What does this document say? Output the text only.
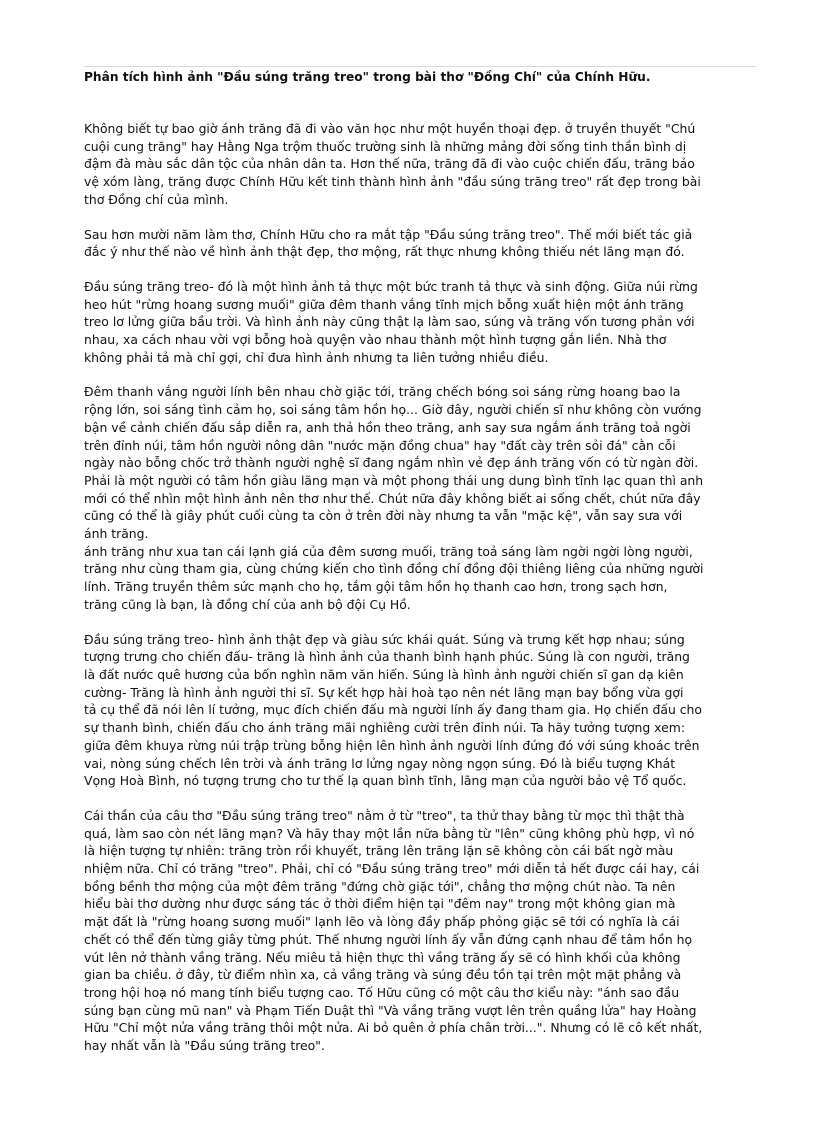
Phân tích hình ảnh "Đầu súng trăng treo" trong bài thơ "Đồng Chí" của Chính Hữu.
Không biết tự bao giờ ánh trăng đã đi vào văn học như một huyền thoại đẹp. ở truyền thuyết "Chú
cuội cung trăng" hay Hằng Nga trộm thuốc trường sinh là những mảng đời sống tinh thần bình dị
đậm đà màu sắc dân tộc của nhân dân ta. Hơn thế nữa, trăng đã đi vào cuộc chiến đấu, trăng bảo
vệ xóm làng, trăng được Chính Hữu kết tinh thành hình ảnh "đầu súng trăng treo" rất đẹp trong bài
thơ Đồng chí của mình.
Sau hơn mười năm làm thơ, Chính Hữu cho ra mắt tập "Đầu súng trăng treo". Thế mới biết tác giả
đắc ý như thế nào về hình ảnh thật đẹp, thơ mộng, rất thực nhưng không thiếu nét lãng mạn đó.
Đầu súng trăng treo- đó là một hình ảnh tả thực một bức tranh tả thực và sinh động. Giữa núi rừng
heo hút "rừng hoang sương muối" giữa đêm thanh vắng tĩnh mịch bỗng xuất hiện một ánh trăng
treo lơ lửng giữa bầu trời. Và hình ảnh này cũng thật lạ làm sao, súng và trăng vốn tương phản với
nhau, xa cách nhau vời vợi bỗng hoà quyện vào nhau thành một hình tượng gắn liền. Nhà thơ
không phải tả mà chỉ gợi, chỉ đưa hình ảnh nhưng ta liên tưởng nhiều điều.
Đêm thanh vắng người lính bên nhau chờ giặc tới, trăng chếch bóng soi sáng rừng hoang bao la
rộng lớn, soi sáng tình cảm họ, soi sáng tâm hồn họ... Giờ đây, người chiến sĩ như không còn vướng
bận về cảnh chiến đấu sắp diễn ra, anh thả hồn theo trăng, anh say sưa ngắm ánh trăng toả ngời
trên đỉnh núi, tâm hồn người nông dân "nước mặn đồng chua" hay "đất cày trên sỏi đá" cằn cỗi
ngày nào bỗng chốc trở thành người nghệ sĩ đang ngắm nhìn vẻ đẹp ánh trăng vốn có từ ngàn đời.
Phải là một người có tâm hồn giàu lãng mạn và một phong thái ung dung bình tĩnh lạc quan thì anh
mới có thể nhìn một hình ảnh nên thơ như thế. Chút nữa đây không biết ai sống chết, chút nữa đây
cũng có thể là giây phút cuối cùng ta còn ở trên đời này nhưng ta vẫn "mặc kệ", vẫn say sưa với
ánh trăng.
ánh trăng như xua tan cái lạnh giá của đêm sương muối, trăng toả sáng làm ngời ngời lòng người,
trăng như cùng tham gia, cùng chứng kiến cho tình đồng chí đồng đội thiêng liêng của những người
lính. Trăng truyền thêm sức mạnh cho họ, tắm gội tâm hồn họ thanh cao hơn, trong sạch hơn,
trăng cũng là bạn, là đồng chí của anh bộ đội Cụ Hồ.
Đầu súng trăng treo- hình ảnh thật đẹp và giàu sức khái quát. Súng và trưng kết hợp nhau; súng
tượng trưng cho chiến đấu- trăng là hình ảnh của thanh bình hạnh phúc. Súng là con người, trăng
là đất nước quê hương của bốn nghìn năm văn hiến. Súng là hình ảnh người chiến sĩ gan dạ kiên
cường- Trăng là hình ảnh người thi sĩ. Sự kết hợp hài hoà tạo nên nét lãng mạn bay bổng vừa gợi
tả cụ thể đã nói lên lí tưởng, mục đích chiến đấu mà người lính ấy đang tham gia. Họ chiến đấu cho
sự thanh bình, chiến đấu cho ánh trăng mãi nghiêng cười trên đỉnh núi. Ta hãy tưởng tượng xem:
giữa đêm khuya rừng núi trập trùng bỗng hiện lên hình ảnh người lính đứng đó với súng khoác trên
vai, nòng súng chếch lên trời và ánh trăng lơ lửng ngay nòng ngọn súng. Đó là biểu tượng Khát
Vọng Hoà Bình, nó tượng trưng cho tư thế lạ quan bình tĩnh, lãng mạn của người bảo vệ Tổ quốc.
Cái thần của câu thơ "Đầu súng trăng treo" nằm ở từ "treo", ta thử thay bằng từ mọc thì thật thà
quá, làm sao còn nét lãng mạn? Và hãy thay một lần nữa bằng từ "lên" cũng không phù hợp, vì nó
là hiện tượng tự nhiên: trăng tròn rồi khuyết, trăng lên trăng lặn sẽ không còn cái bất ngờ màu
nhiệm nữa. Chỉ có trăng "treo". Phải, chỉ có "Đầu súng trăng treo" mới diễn tả hết được cái hay, cái
bồng bềnh thơ mộng của một đêm trăng "đứng chờ giặc tới", chẳng thơ mộng chút nào. Ta nên
hiểu bài thơ dường như được sáng tác ở thời điểm hiện tại "đêm nay" trong một không gian mà
mặt đất là "rừng hoang sương muối" lạnh lẽo và lòng đầy phấp phỏng giặc sẽ tới có nghĩa là cái
chết có thể đến từng giây từng phút. Thế nhưng người lính ấy vẫn đứng cạnh nhau để tâm hồn họ
vút lên nở thành vầng trăng. Nếu miêu tả hiện thực thì vầng trăng ấy sẽ có hình khối của không
gian ba chiều. ở đây, từ điểm nhìn xa, cả vầng trăng và súng đều tồn tại trên một mặt phẳng và
trong hội hoạ nó mang tính biểu tượng cao. Tố Hữu cũng có một câu thơ kiểu này: "ánh sao đầu
súng bạn cùng mũ nan" và Phạm Tiến Duật thì "Và vầng trăng vượt lên trên quầng lửa" hay Hoàng
Hữu "Chỉ một nửa vầng trăng thôi một nửa. Ai bỏ quên ở phía chân trời...". Nhưng có lẽ cô kết nhất,
hay nhất vẫn là "Đầu súng trăng treo".
